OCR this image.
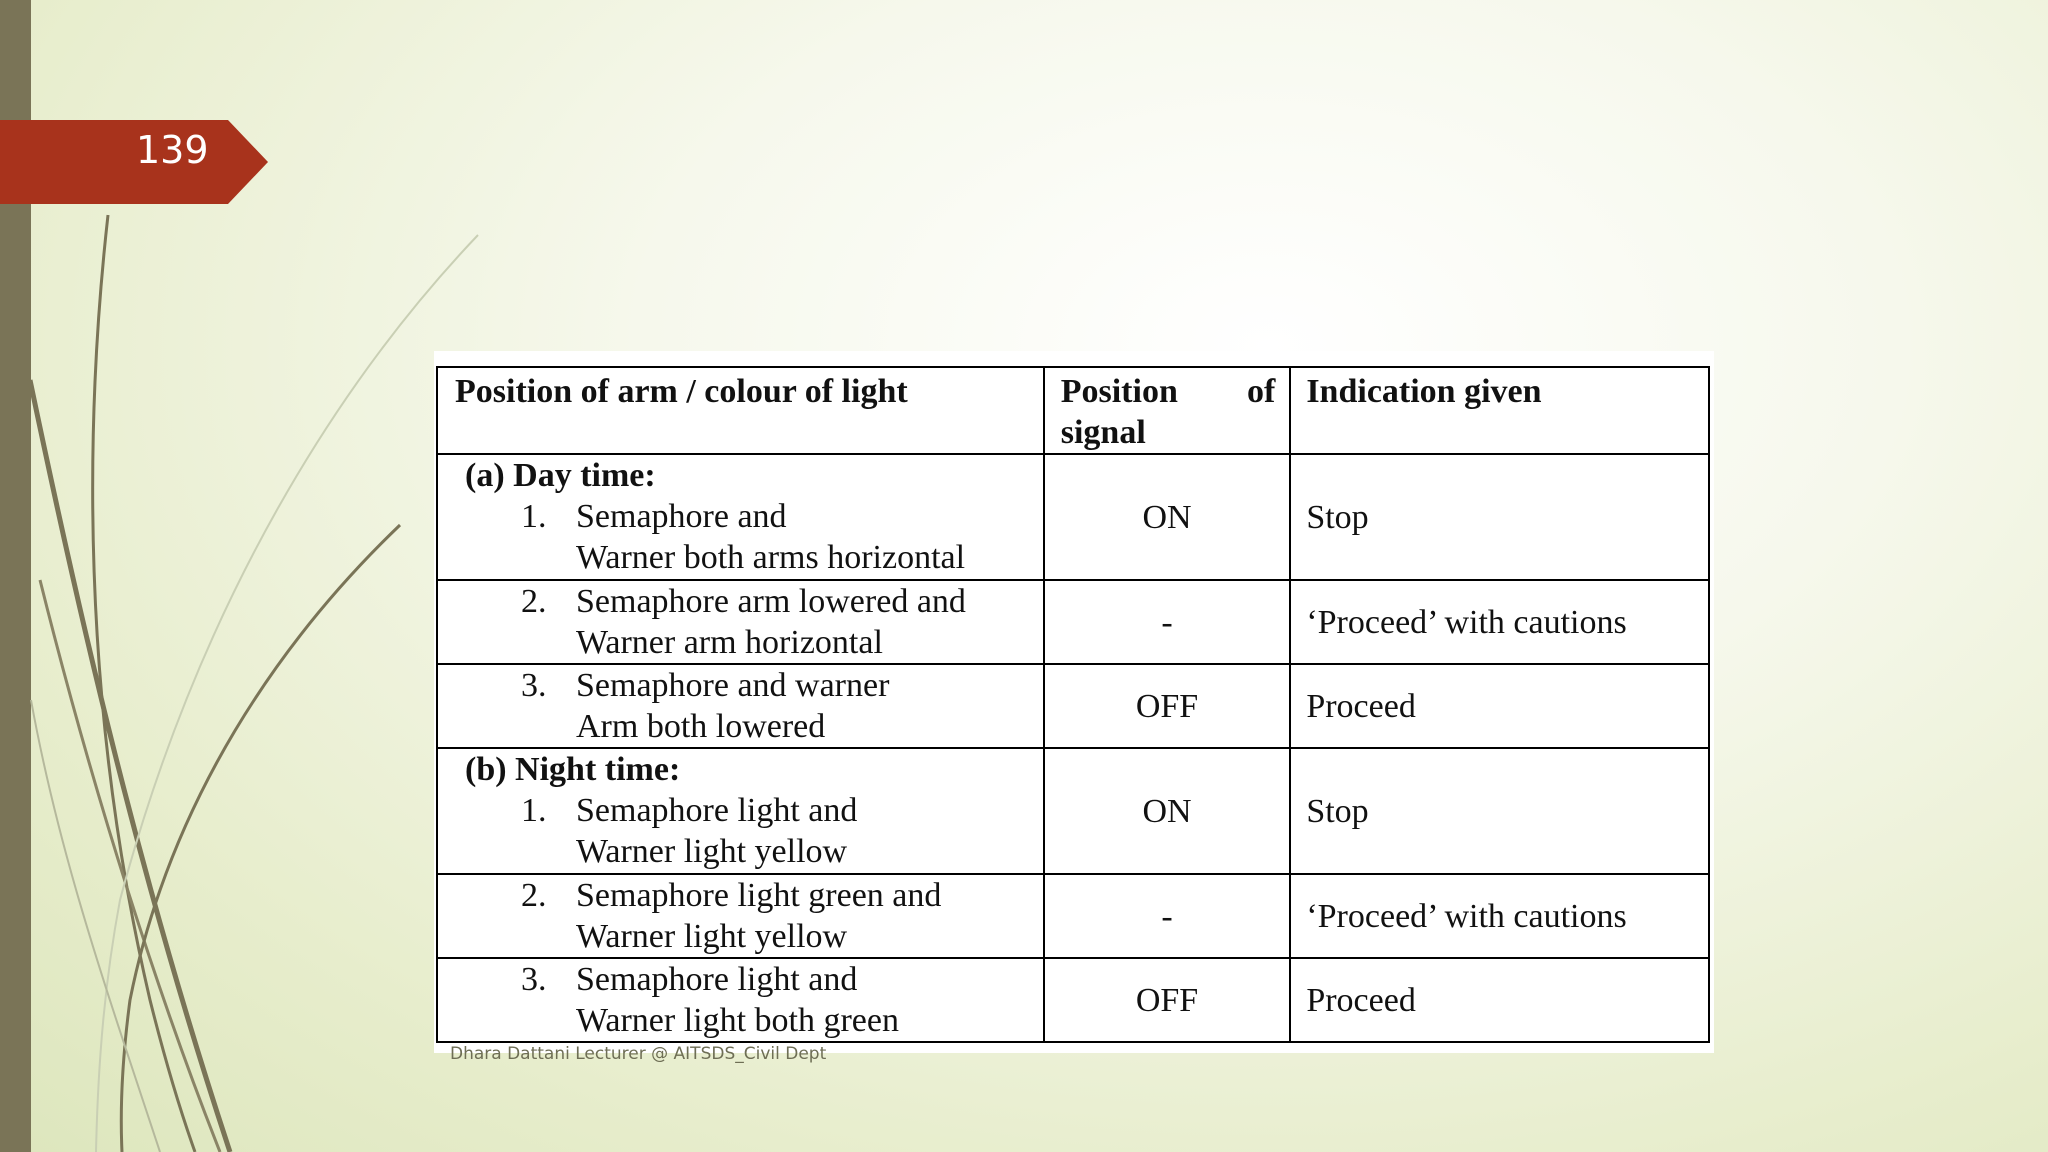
139
Position of arm / colour of light	Position of signal	Indication given

(a) Day time:
1. Semaphore and
Warner both arms horizontal	ON	Stop

2. Semaphore arm lowered and
Warner arm horizontal	-	‘Proceed’ with cautions

3. Semaphore and warner
Arm both lowered	OFF	Proceed

(b) Night time:
1. Semaphore light and
Warner light yellow	ON	Stop

2. Semaphore light green and
Warner light yellow	-	‘Proceed’ with cautions

3. Semaphore light and
Warner light both green	OFF	Proceed
Dhara Dattani Lecturer @ AITSDS_Civil Dept
